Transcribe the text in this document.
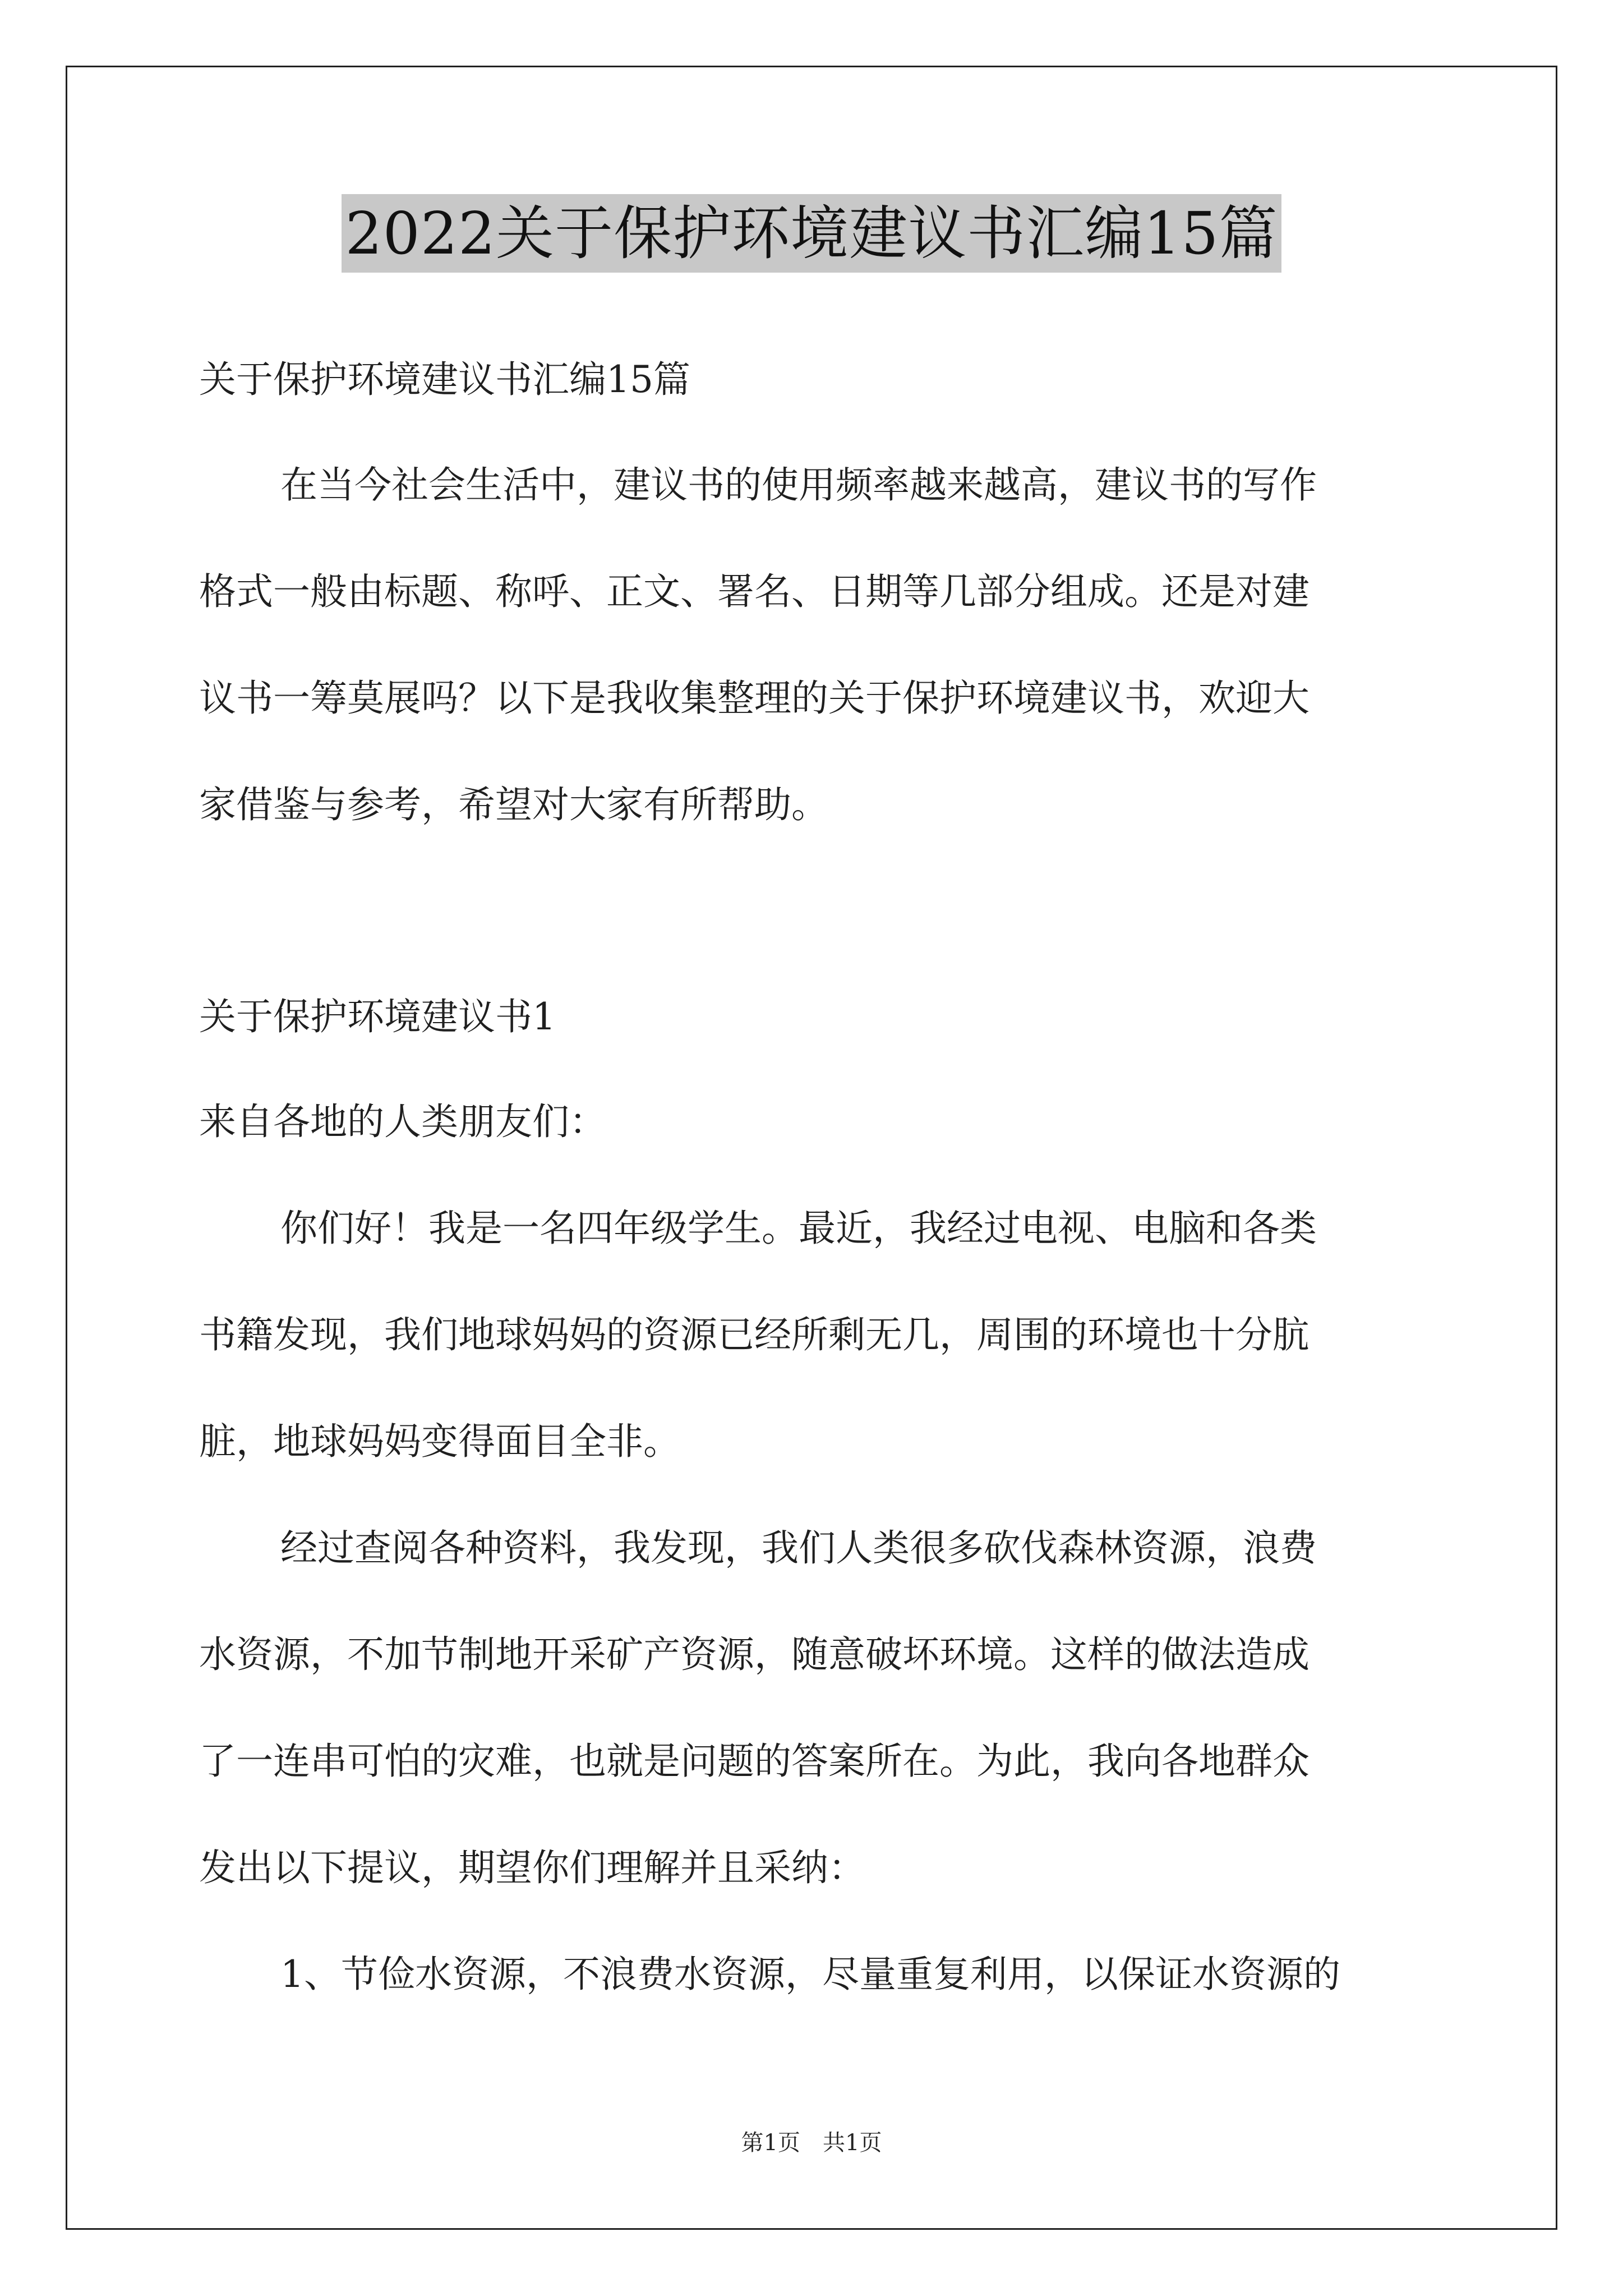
2022关于保护环境建议书汇编15篇
关于保护环境建议书汇编15篇
在当今社会生活中，建议书的使用频率越来越高，建议书的写作
格式一般由标题、称呼、正文、署名、日期等几部分组成。还是对建
议书一筹莫展吗？以下是我收集整理的关于保护环境建议书，欢迎大
家借鉴与参考，希望对大家有所帮助。
关于保护环境建议书1
来自各地的人类朋友们：
你们好！我是一名四年级学生。最近，我经过电视、电脑和各类
书籍发现，我们地球妈妈的资源已经所剩无几，周围的环境也十分肮
脏，地球妈妈变得面目全非。
经过查阅各种资料，我发现，我们人类很多砍伐森林资源，浪费
水资源，不加节制地开采矿产资源，随意破坏环境。这样的做法造成
了一连串可怕的灾难，也就是问题的答案所在。为此，我向各地群众
发出以下提议，期望你们理解并且采纳：
1、节俭水资源，不浪费水资源，尽量重复利用，以保证水资源的
第1页　共1页
